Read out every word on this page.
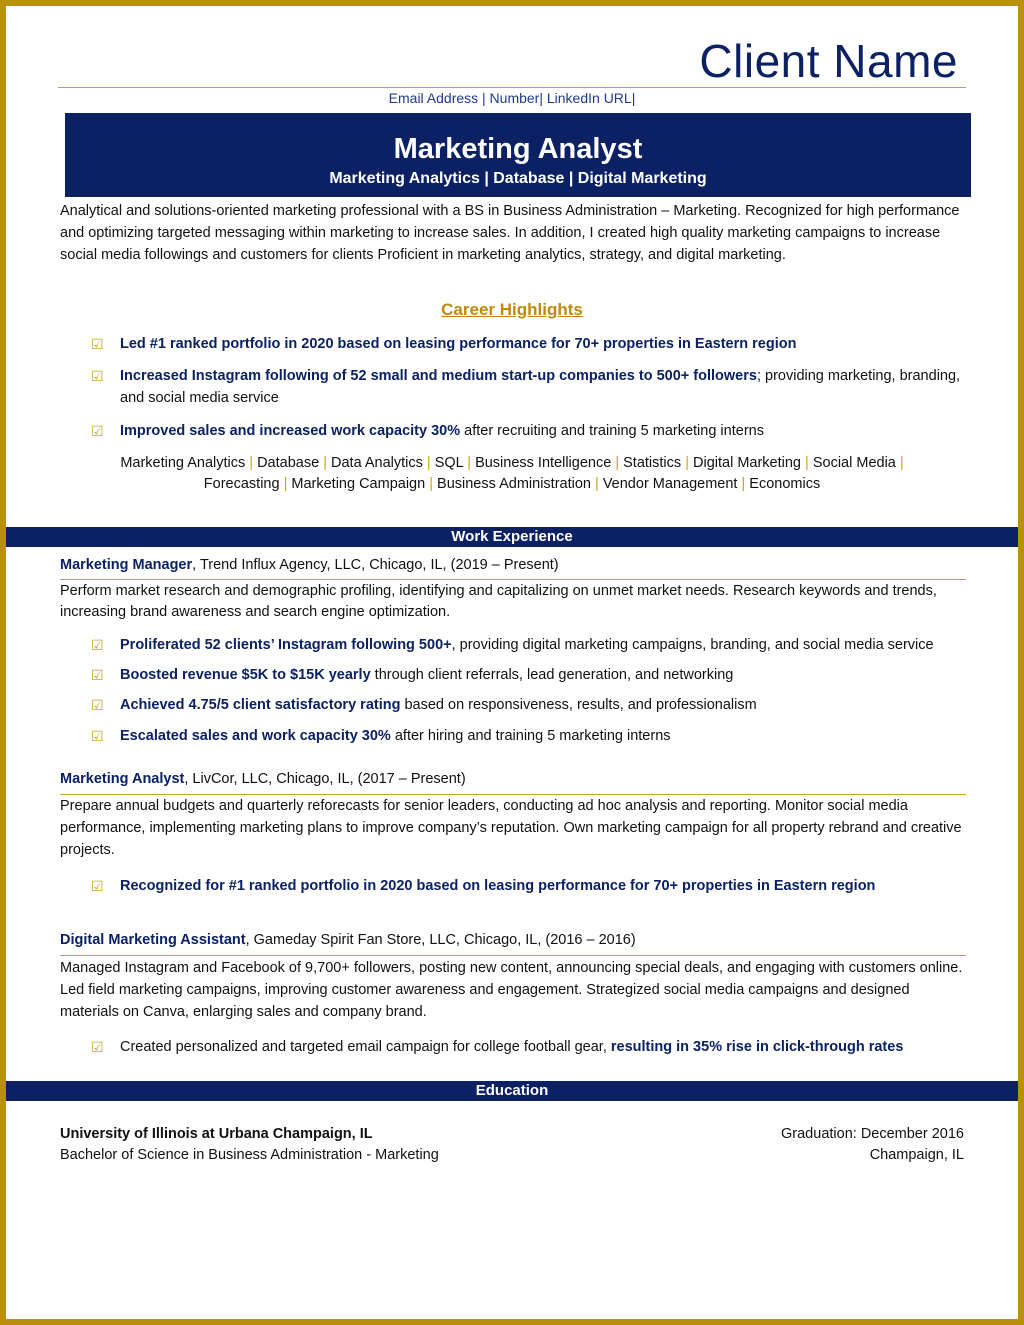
Client Name
Email Address | Number| LinkedIn URL|
Marketing Analyst
Marketing Analytics | Database | Digital Marketing
Analytical and solutions-oriented marketing professional with a BS in Business Administration – Marketing. Recognized for high performance and optimizing targeted messaging within marketing to increase sales. In addition, I created high quality marketing campaigns to increase social media followings and customers for clients Proficient in marketing analytics, strategy, and digital marketing.
Career Highlights
☑ Led #1 ranked portfolio in 2020 based on leasing performance for 70+ properties in Eastern region
☑ Increased Instagram following of 52 small and medium start-up companies to 500+ followers; providing marketing, branding, and social media service
☑ Improved sales and increased work capacity 30% after recruiting and training 5 marketing interns
Marketing Analytics | Database | Data Analytics | SQL | Business Intelligence | Statistics | Digital Marketing | Social Media |
Forecasting | Marketing Campaign | Business Administration | Vendor Management | Economics
Work Experience
Marketing Manager, Trend Influx Agency, LLC, Chicago, IL, (2019 – Present)
Perform market research and demographic profiling, identifying and capitalizing on unmet market needs. Research keywords and trends, increasing brand awareness and search engine optimization.
☑ Proliferated 52 clients’ Instagram following 500+, providing digital marketing campaigns, branding, and social media service
☑ Boosted revenue $5K to $15K yearly through client referrals, lead generation, and networking
☑ Achieved 4.75/5 client satisfactory rating based on responsiveness, results, and professionalism
☑ Escalated sales and work capacity 30% after hiring and training 5 marketing interns
Marketing Analyst, LivCor, LLC, Chicago, IL, (2017 – Present)
Prepare annual budgets and quarterly reforecasts for senior leaders, conducting ad hoc analysis and reporting. Monitor social media performance, implementing marketing plans to improve company’s reputation. Own marketing campaign for all property rebrand and creative projects.
☑ Recognized for #1 ranked portfolio in 2020 based on leasing performance for 70+ properties in Eastern region
Digital Marketing Assistant, Gameday Spirit Fan Store, LLC, Chicago, IL, (2016 – 2016)
Managed Instagram and Facebook of 9,700+ followers, posting new content, announcing special deals, and engaging with customers online. Led field marketing campaigns, improving customer awareness and engagement. Strategized social media campaigns and designed materials on Canva, enlarging sales and company brand.
☑ Created personalized and targeted email campaign for college football gear, resulting in 35% rise in click-through rates
Education
University of Illinois at Urbana Champaign, IL	Graduation: December 2016
Bachelor of Science in Business Administration - Marketing	Champaign, IL
